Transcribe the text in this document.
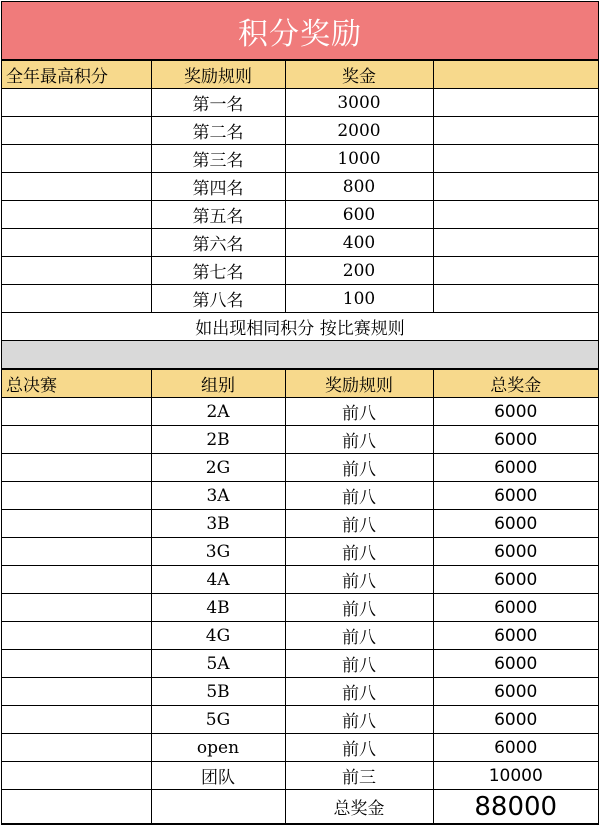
积分奖励
全年最高积分	奖励规则	奖金	
	第一名	3000	
	第二名	2000	
	第三名	1000	
	第四名	800	
	第五名	600	
	第六名	400	
	第七名	200	
	第八名	100	
如出现相同积分 按比赛规则			

总决赛	组别	奖励规则	总奖金
	2A	前八	6000
	2B	前八	6000
	2G	前八	6000
	3A	前八	6000
	3B	前八	6000
	3G	前八	6000
	4A	前八	6000
	4B	前八	6000
	4G	前八	6000
	5A	前八	6000
	5B	前八	6000
	5G	前八	6000
	open	前八	6000
	团队	前三	10000
		总奖金	88000
